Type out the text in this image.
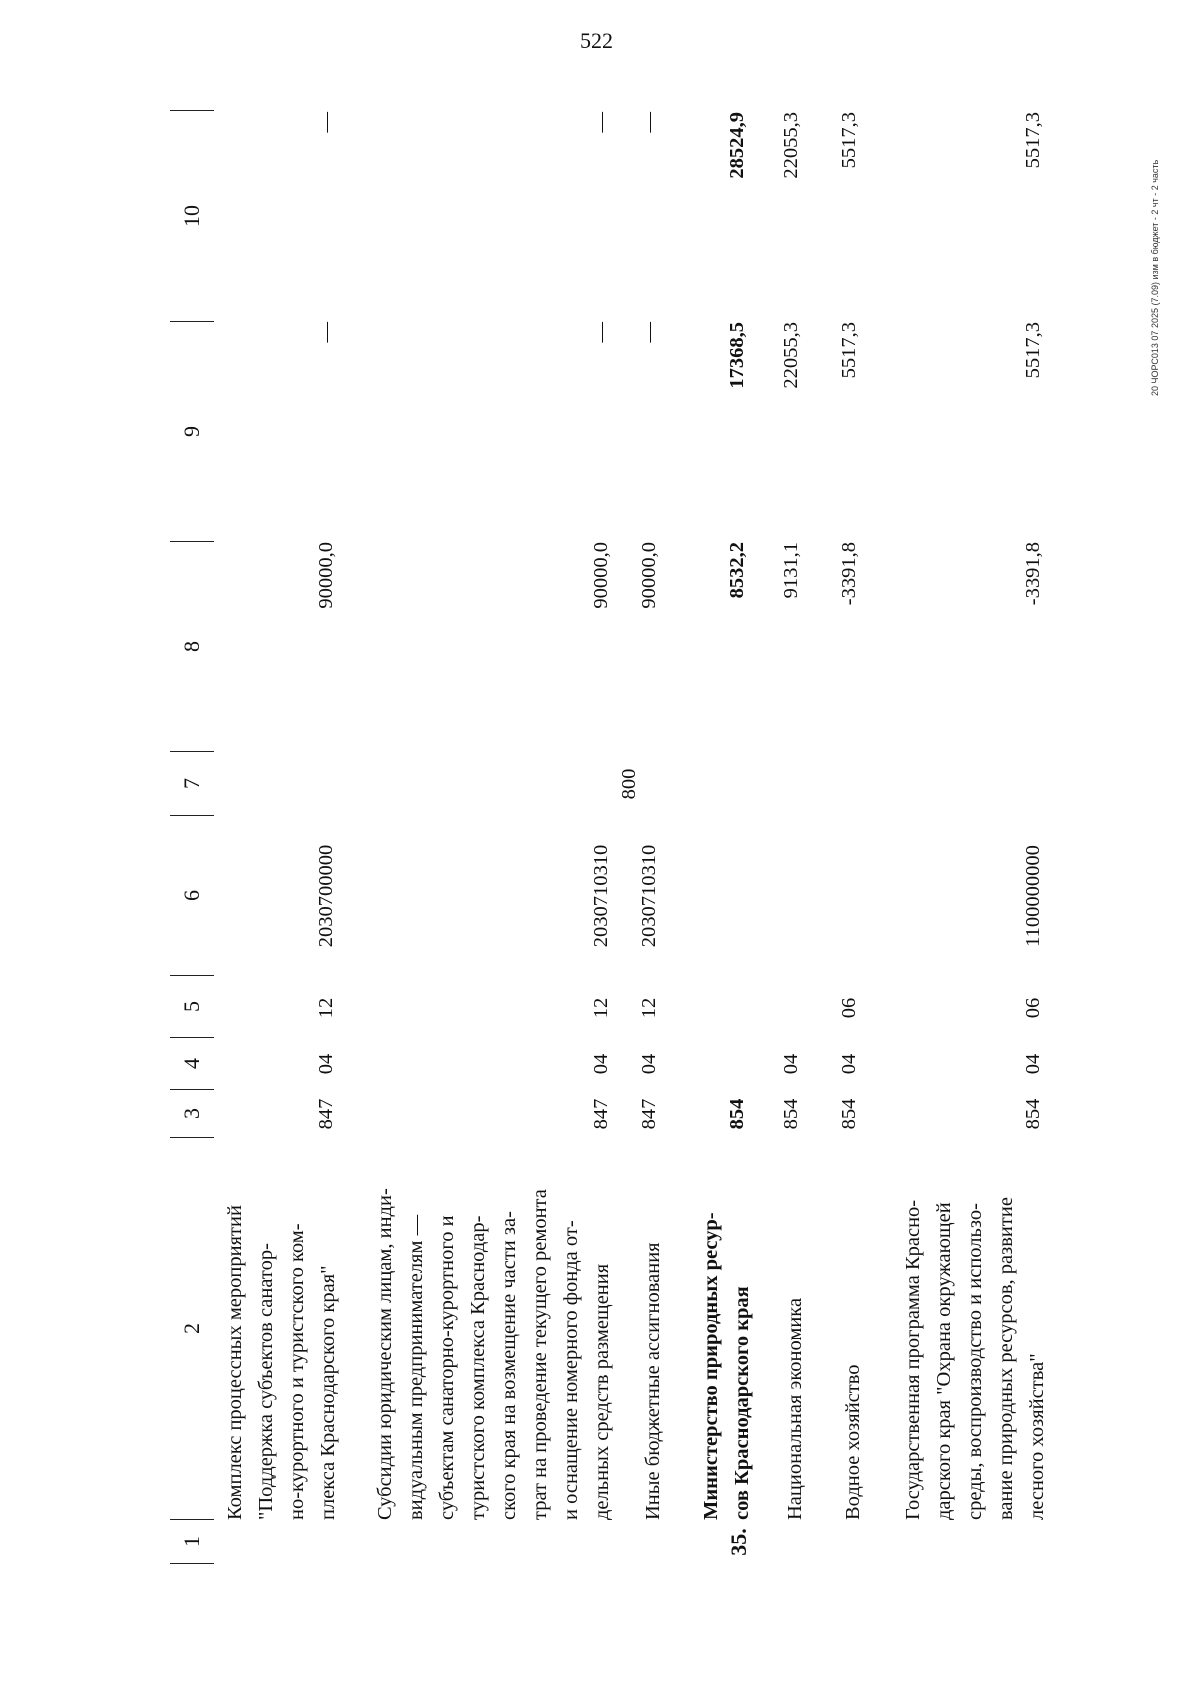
522
1
2
3
4
5
6
7
8
9
10
Комплекс процессных мероприятий "Поддержка субъектов санатор- но-курортного и туристского ком- плекса Краснодарского края"
847
04
12
2030700000
90000,0
—
—
Субсидии юридическим лицам, инди- видуальным предпринимателям — субъектам санаторно-курортного и туристского комплекса Краснодар- ского края на возмещение части за- трат на проведение текущего ремонта и оснащение номерного фонда от- дельных средств размещения
847
04
12
2030710310
90000,0
—
—
Иные бюджетные ассигнования
847
04
12
2030710310
800
90000,0
—
—
35.
Министерство природных ресур- сов Краснодарского края
854
8532,2
17368,5
28524,9
Национальная экономика
854
04
9131,1
22055,3
22055,3
Водное хозяйство
854
04
06
-3391,8
5517,3
5517,3
Государственная программа Красно- дарского края "Охрана окружающей среды, воспроизводство и использо- вание природных ресурсов, развитие лесного хозяйства"
854
04
06
1100000000
-3391,8
5517,3
5517,3
20 ЧОРС013 07 2025 (7.09) изм в бюджет - 2 чт - 2 часть
